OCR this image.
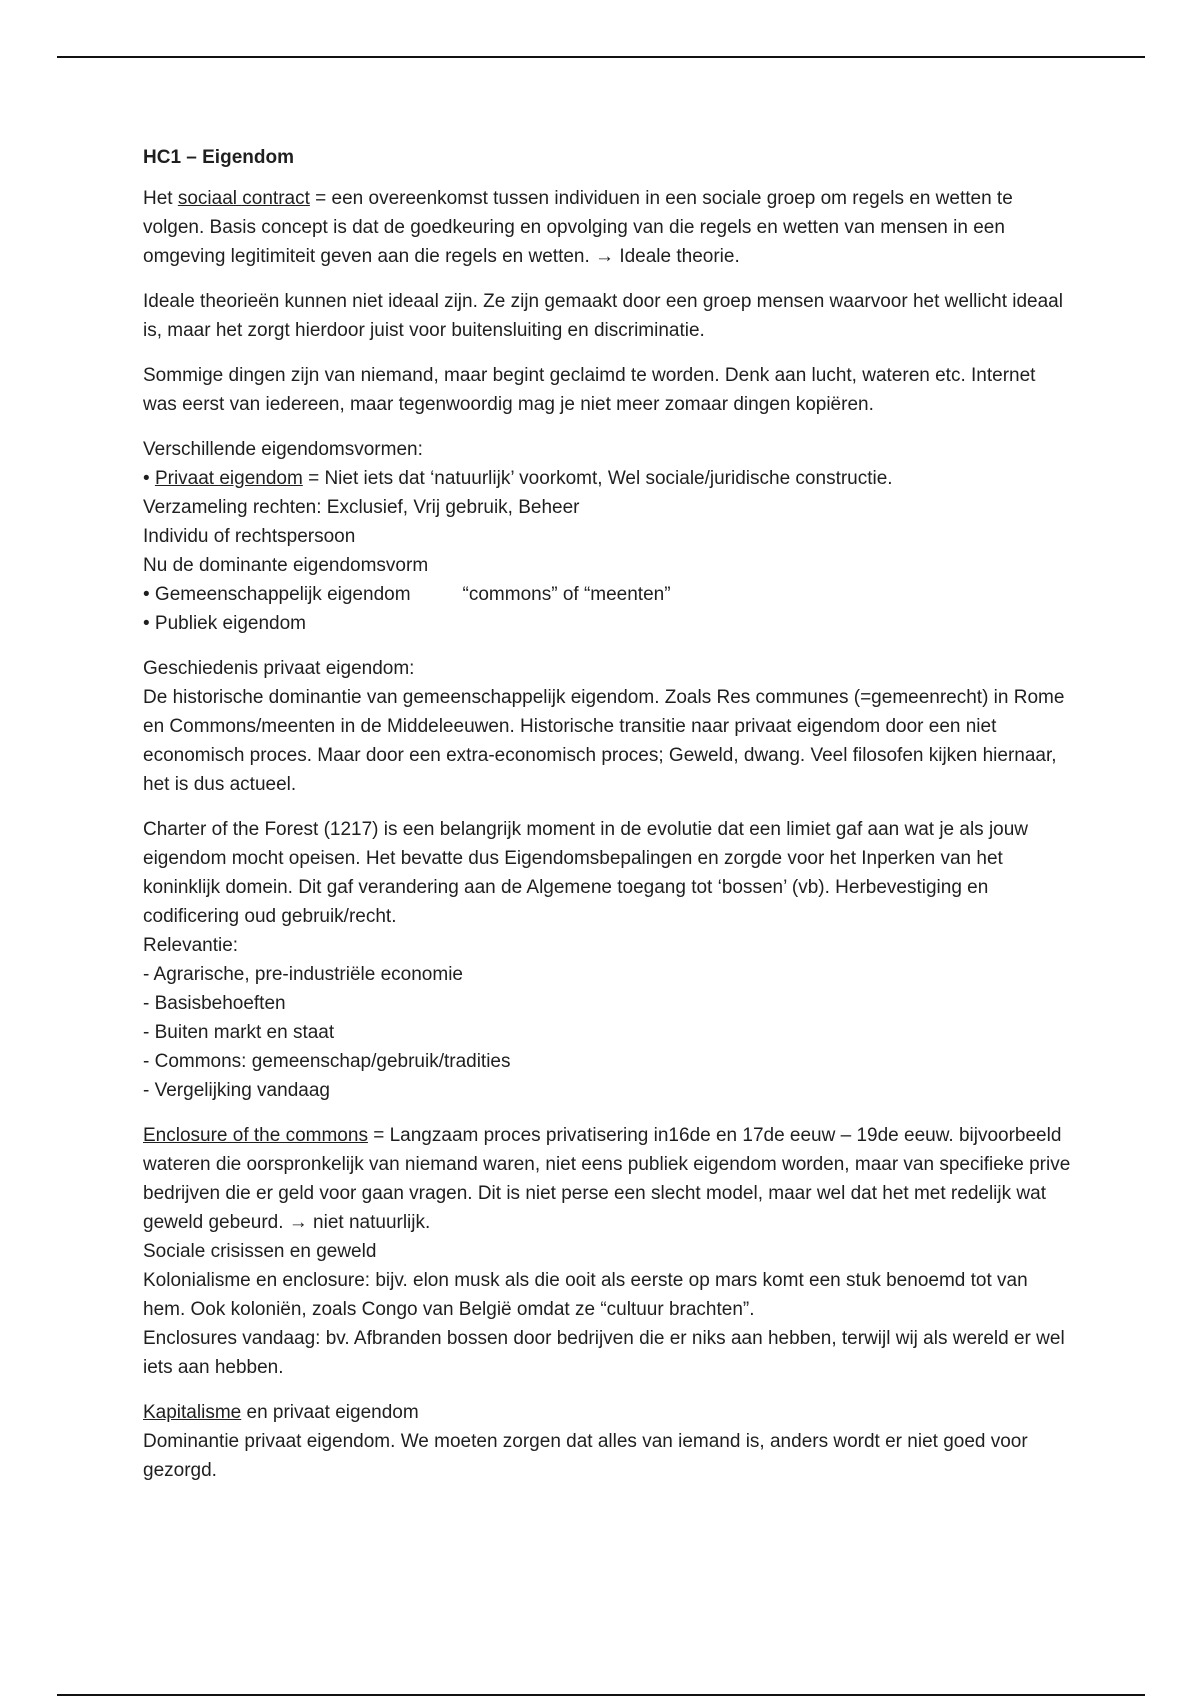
HC1 – Eigendom

Het sociaal contract = een overeenkomst tussen individuen in een sociale groep om regels en wetten te volgen. Basis concept is dat de goedkeuring en opvolging van die regels en wetten van mensen in een omgeving legitimiteit geven aan die regels en wetten. → Ideale theorie.

Ideale theorieën kunnen niet ideaal zijn. Ze zijn gemaakt door een groep mensen waarvoor het wellicht ideaal is, maar het zorgt hierdoor juist voor buitensluiting en discriminatie.

Sommige dingen zijn van niemand, maar begint geclaimd te worden. Denk aan lucht, wateren etc. Internet was eerst van iedereen, maar tegenwoordig mag je niet meer zomaar dingen kopiëren.

Verschillende eigendomsvormen:
• Privaat eigendom = Niet iets dat ‘natuurlijk’ voorkomt, Wel sociale/juridische constructie.
Verzameling rechten: Exclusief, Vrij gebruik, Beheer
Individu of rechtspersoon
Nu de dominante eigendomsvorm
• Gemeenschappelijk eigendom	“commons” of “meenten”
• Publiek eigendom

Geschiedenis privaat eigendom:
De historische dominantie van gemeenschappelijk eigendom. Zoals Res communes (=gemeenrecht) in Rome en Commons/meenten in de Middeleeuwen. Historische transitie naar privaat eigendom door een niet economisch proces. Maar door een extra-economisch proces; Geweld, dwang. Veel filosofen kijken hiernaar, het is dus actueel.

Charter of the Forest (1217) is een belangrijk moment in de evolutie dat een limiet gaf aan wat je als jouw eigendom mocht opeisen. Het bevatte dus Eigendomsbepalingen en zorgde voor het Inperken van het koninklijk domein. Dit gaf verandering aan de Algemene toegang tot ‘bossen’ (vb). Herbevestiging en codificering oud gebruik/recht.
Relevantie:
- Agrarische, pre-industriële economie
- Basisbehoeften
- Buiten markt en staat
- Commons: gemeenschap/gebruik/tradities
- Vergelijking vandaag

Enclosure of the commons = Langzaam proces privatisering in16de en 17de eeuw – 19de eeuw. bijvoorbeeld wateren die oorspronkelijk van niemand waren, niet eens publiek eigendom worden, maar van specifieke prive bedrijven die er geld voor gaan vragen. Dit is niet perse een slecht model, maar wel dat het met redelijk wat geweld gebeurd. → niet natuurlijk.
Sociale crisissen en geweld
Kolonialisme en enclosure: bijv. elon musk als die ooit als eerste op mars komt een stuk benoemd tot van hem. Ook koloniën, zoals Congo van België omdat ze “cultuur brachten”.
Enclosures vandaag: bv. Afbranden bossen door bedrijven die er niks aan hebben, terwijl wij als wereld er wel iets aan hebben.

Kapitalisme en privaat eigendom
Dominantie privaat eigendom. We moeten zorgen dat alles van iemand is, anders wordt er niet goed voor gezorgd.
